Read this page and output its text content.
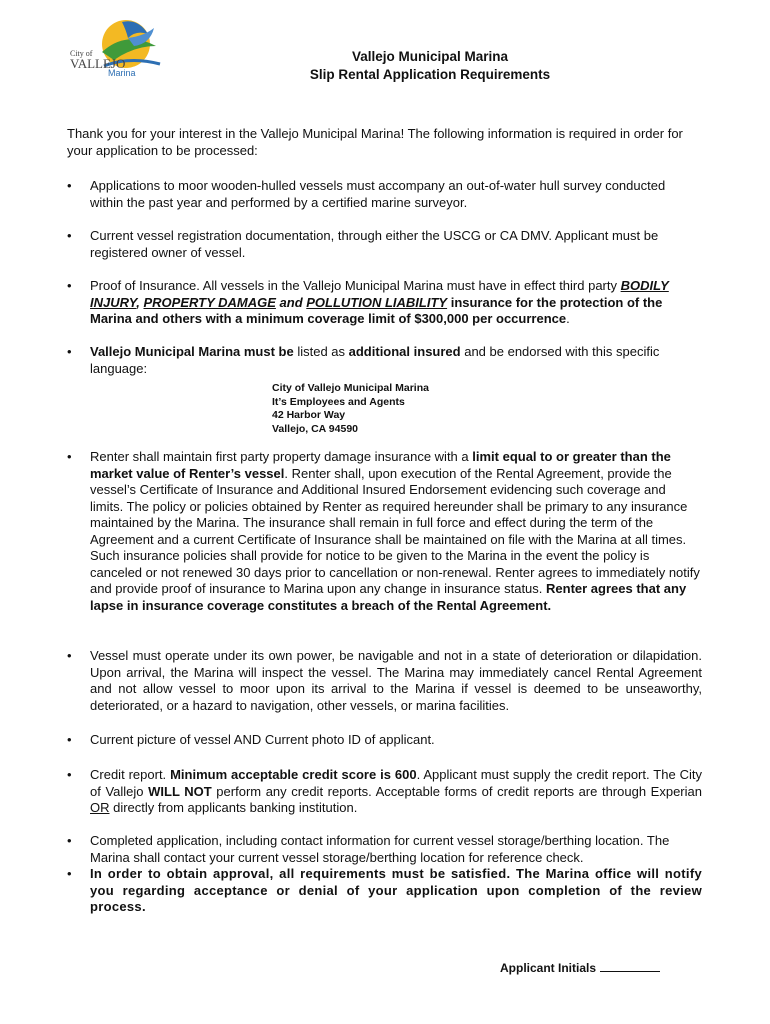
City of
VALLEJO
Marina
Vallejo Municipal Marina
Slip Rental Application Requirements
Thank you for your interest in the Vallejo Municipal Marina! The following information is required in order for your application to be processed:
•	Applications to moor wooden-hulled vessels must accompany an out-of-water hull survey conducted within the past year and performed by a certified marine surveyor.
•	Current vessel registration documentation, through either the USCG or CA DMV. Applicant must be registered owner of vessel.
•	Proof of Insurance. All vessels in the Vallejo Municipal Marina must have in effect third party BODILY INJURY, PROPERTY DAMAGE and POLLUTION LIABILITY insurance for the protection of the Marina and others with a minimum coverage limit of $300,000 per occurrence.
•	Vallejo Municipal Marina must be listed as additional insured and be endorsed with this specific language:
City of Vallejo Municipal Marina
It’s Employees and Agents
42 Harbor Way
Vallejo, CA 94590
•	Renter shall maintain first party property damage insurance with a limit equal to or greater than the market value of Renter’s vessel. Renter shall, upon execution of the Rental Agreement, provide the vessel’s Certificate of Insurance and Additional Insured Endorsement evidencing such coverage and limits. The policy or policies obtained by Renter as required hereunder shall be primary to any insurance maintained by the Marina. The insurance shall remain in full force and effect during the term of the Agreement and a current Certificate of Insurance shall be maintained on file with the Marina at all times. Such insurance policies shall provide for notice to be given to the Marina in the event the policy is canceled or not renewed 30 days prior to cancellation or non-renewal. Renter agrees to immediately notify and provide proof of insurance to Marina upon any change in insurance status. Renter agrees that any lapse in insurance coverage constitutes a breach of the Rental Agreement.
•	Vessel must operate under its own power, be navigable and not in a state of deterioration or dilapidation. Upon arrival, the Marina will inspect the vessel. The Marina may immediately cancel Rental Agreement and not allow vessel to moor upon its arrival to the Marina if vessel is deemed to be unseaworthy, deteriorated, or a hazard to navigation, other vessels, or marina facilities.
•	Current picture of vessel AND Current photo ID of applicant.
•	Credit report. Minimum acceptable credit score is 600. Applicant must supply the credit report. The City of Vallejo WILL NOT perform any credit reports. Acceptable forms of credit reports are through Experian OR directly from applicants banking institution.
•	Completed application, including contact information for current vessel storage/berthing location. The Marina shall contact your current vessel storage/berthing location for reference check.
•	In order to obtain approval, all requirements must be satisfied. The Marina office will notify you regarding acceptance or denial of your application upon completion of the review process.
Applicant Initials
